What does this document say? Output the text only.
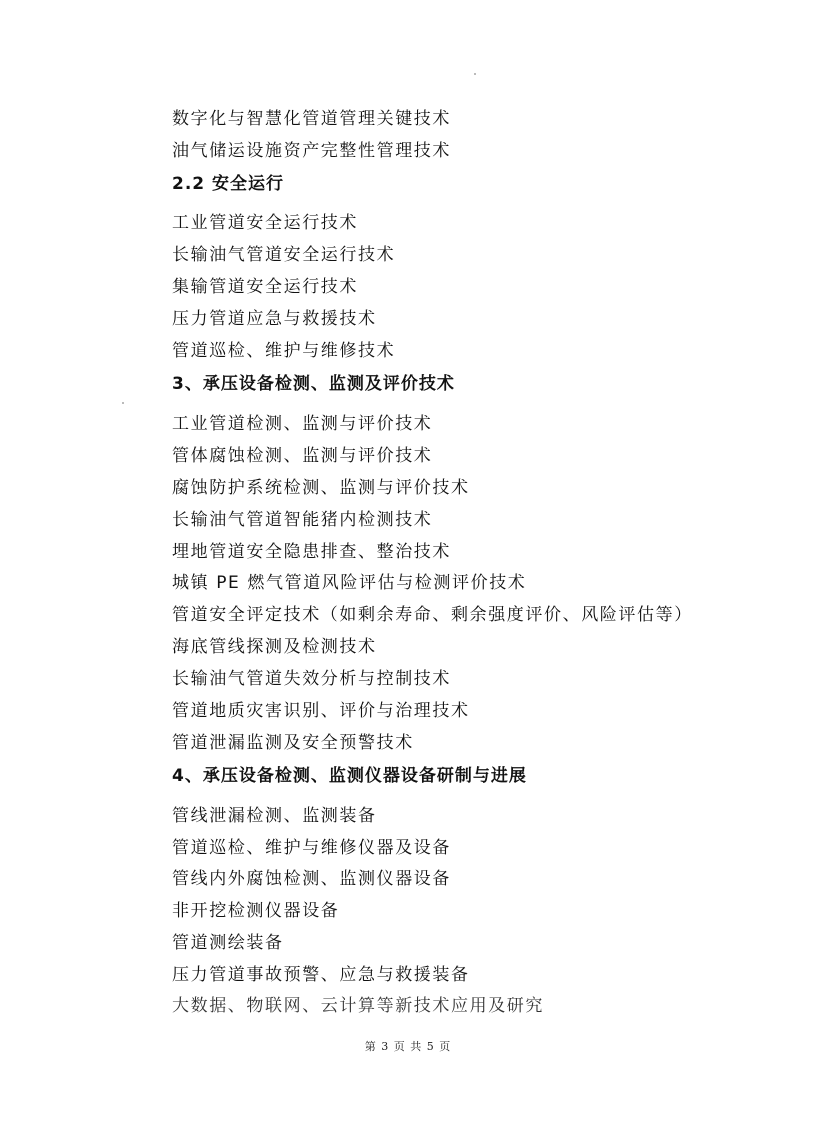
数字化与智慧化管道管理关键技术
油气储运设施资产完整性管理技术
2.2 安全运行
工业管道安全运行技术
长输油气管道安全运行技术
集输管道安全运行技术
压力管道应急与救援技术
管道巡检、维护与维修技术
3、承压设备检测、监测及评价技术
工业管道检测、监测与评价技术
管体腐蚀检测、监测与评价技术
腐蚀防护系统检测、监测与评价技术
长输油气管道智能猪内检测技术
埋地管道安全隐患排查、整治技术
城镇 PE 燃气管道风险评估与检测评价技术
管道安全评定技术（如剩余寿命、剩余强度评价、风险评估等）
海底管线探测及检测技术
长输油气管道失效分析与控制技术
管道地质灾害识别、评价与治理技术
管道泄漏监测及安全预警技术
4、承压设备检测、监测仪器设备研制与进展
管线泄漏检测、监测装备
管道巡检、维护与维修仪器及设备
管线内外腐蚀检测、监测仪器设备
非开挖检测仪器设备
管道测绘装备
压力管道事故预警、应急与救援装备
大数据、物联网、云计算等新技术应用及研究
第 3 页 共 5 页
